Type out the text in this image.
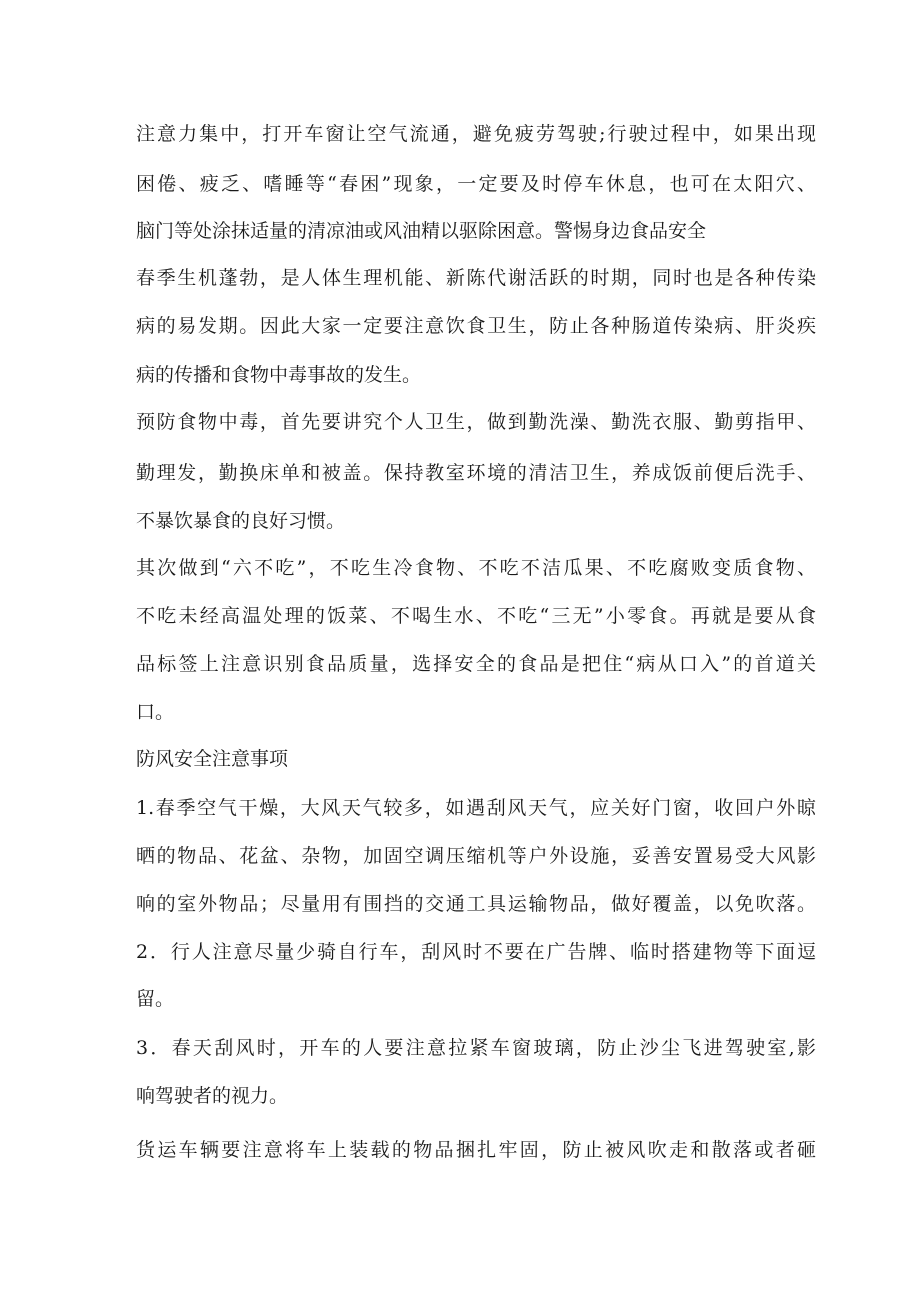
注意力集中，打开车窗让空气流通，避免疲劳驾驶;行驶过程中，如果出现

困倦、疲乏、嗜睡等“春困”现象，一定要及时停车休息，也可在太阳穴、

脑门等处涂抹适量的清凉油或风油精以驱除困意。警惕身边食品安全

春季生机蓬勃，是人体生理机能、新陈代谢活跃的时期，同时也是各种传染

病的易发期。因此大家一定要注意饮食卫生，防止各种肠道传染病、肝炎疾

病的传播和食物中毒事故的发生。

预防食物中毒，首先要讲究个人卫生，做到勤洗澡、勤洗衣服、勤剪指甲、

勤理发，勤换床单和被盖。保持教室环境的清洁卫生，养成饭前便后洗手、

不暴饮暴食的良好习惯。

其次做到“六不吃”，不吃生冷食物、不吃不洁瓜果、不吃腐败变质食物、

不吃未经高温处理的饭菜、不喝生水、不吃“三无”小零食。再就是要从食

品标签上注意识别食品质量，选择安全的食品是把住“病从口入”的首道关

口。

防风安全注意事项

1.春季空气干燥，大风天气较多，如遇刮风天气，应关好门窗，收回户外晾

晒的物品、花盆、杂物，加固空调压缩机等户外设施，妥善安置易受大风影

响的室外物品；尽量用有围挡的交通工具运输物品，做好覆盖，以免吹落。

2．行人注意尽量少骑自行车，刮风时不要在广告牌、临时搭建物等下面逗

留。

3．春天刮风时，开车的人要注意拉紧车窗玻璃，防止沙尘飞进驾驶室,影

响驾驶者的视力。

货运车辆要注意将车上装载的物品捆扎牢固，防止被风吹走和散落或者砸
